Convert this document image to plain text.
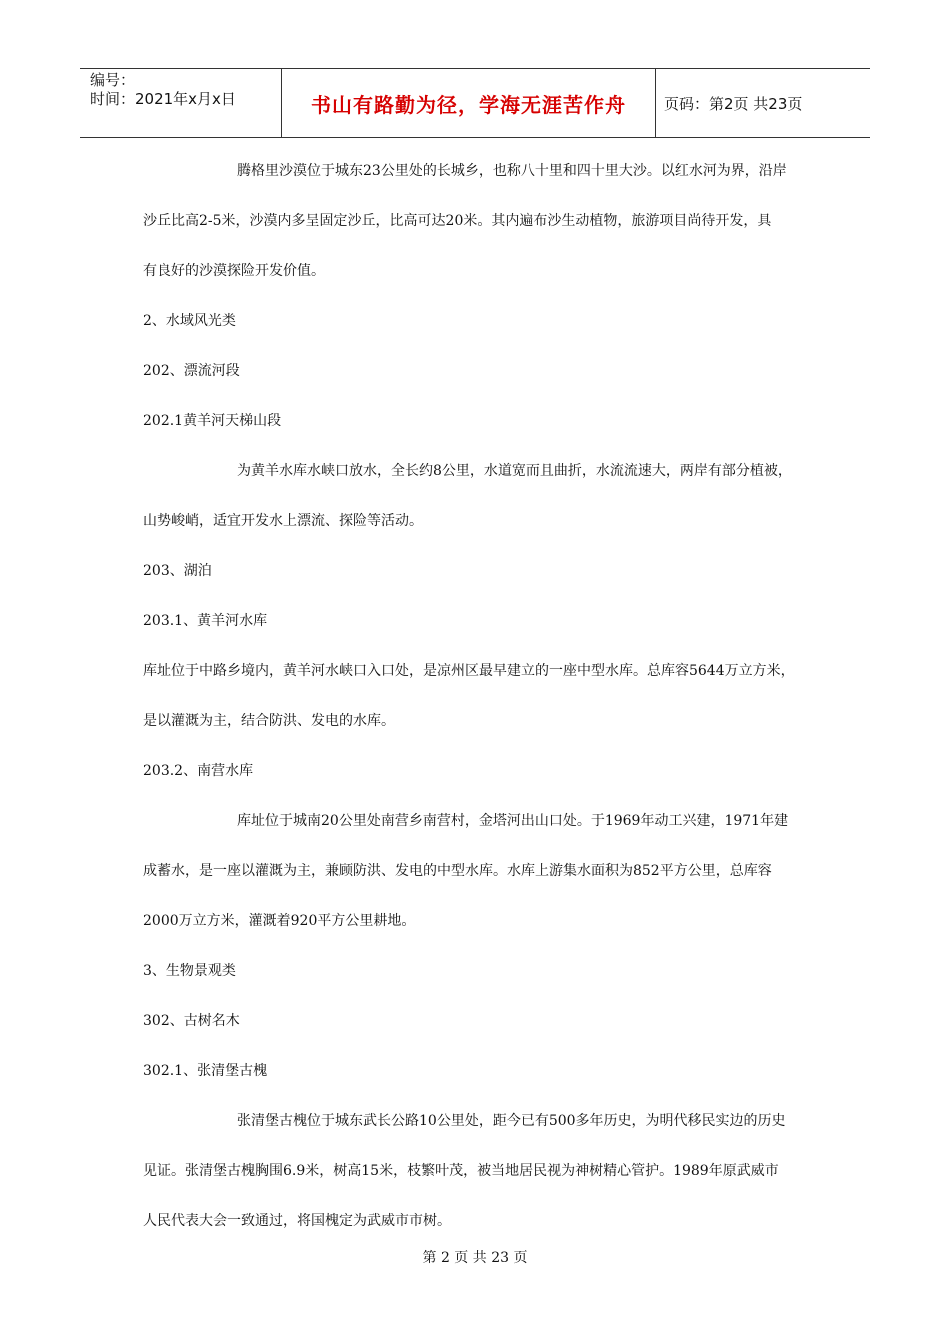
编号：
时间：2021年x月x日	书山有路勤为径，学海无涯苦作舟	页码：第2页 共23页
腾格里沙漠位于城东23公里处的长城乡，也称八十里和四十里大沙。以红水河为界，沿岸
沙丘比高2-5米，沙漠内多呈固定沙丘，比高可达20米。其内遍布沙生动植物，旅游项目尚待开发，具
有良好的沙漠探险开发价值。
2、水域风光类
202、漂流河段
202.1黄羊河天梯山段
为黄羊水库水峡口放水，全长约8公里，水道宽而且曲折，水流流速大，两岸有部分植被，
山势峻峭，适宜开发水上漂流、探险等活动。
203、湖泊
203.1、黄羊河水库
库址位于中路乡境内，黄羊河水峡口入口处，是凉州区最早建立的一座中型水库。总库容5644万立方米，
是以灌溉为主，结合防洪、发电的水库。
203.2、南营水库
库址位于城南20公里处南营乡南营村，金塔河出山口处。于1969年动工兴建，1971年建
成蓄水，是一座以灌溉为主，兼顾防洪、发电的中型水库。水库上游集水面积为852平方公里，总库容
2000万立方米，灌溉着920平方公里耕地。
3、生物景观类
302、古树名木
302.1、张清堡古槐
张清堡古槐位于城东武长公路10公里处，距今已有500多年历史，为明代移民实边的历史
见证。张清堡古槐胸围6.9米，树高15米，枝繁叶茂，被当地居民视为神树精心管护。1989年原武威市
人民代表大会一致通过，将国槐定为武威市市树。
第 2 页 共 23 页
